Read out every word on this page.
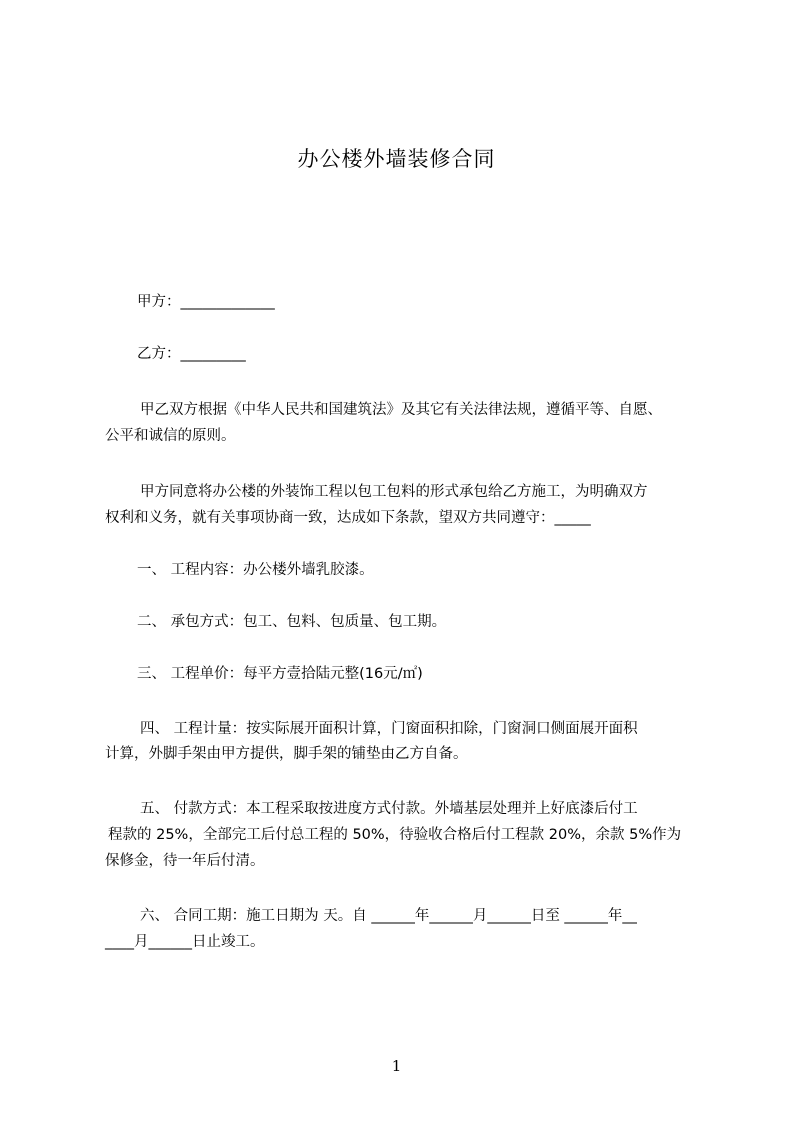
办公楼外墙装修合同
甲方：_____________
乙方：_________
甲乙双方根据《中华人民共和国建筑法》及其它有关法律法规，遵循平等、自愿、
公平和诚信的原则。
甲方同意将办公楼的外装饰工程以包工包料的形式承包给乙方施工，为明确双方
权利和义务，就有关事项协商一致，达成如下条款，望双方共同遵守：_____
一、 工程内容：办公楼外墙乳胶漆。
二、 承包方式：包工、包料、包质量、包工期。
三、 工程单价：每平方壹拾陆元整(16元/㎡)
四、 工程计量：按实际展开面积计算，门窗面积扣除，门窗洞口侧面展开面积
计算，外脚手架由甲方提供，脚手架的铺垫由乙方自备。
五、 付款方式：本工程采取按进度方式付款。外墙基层处理并上好底漆后付工
程款的 25%，全部完工后付总工程的 50%，待验收合格后付工程款 20%，余款 5%作为
保修金，待一年后付清。
六、 合同工期：施工日期为 天。自 ______年______月______日至 ______年__
____月______日止竣工。
1
